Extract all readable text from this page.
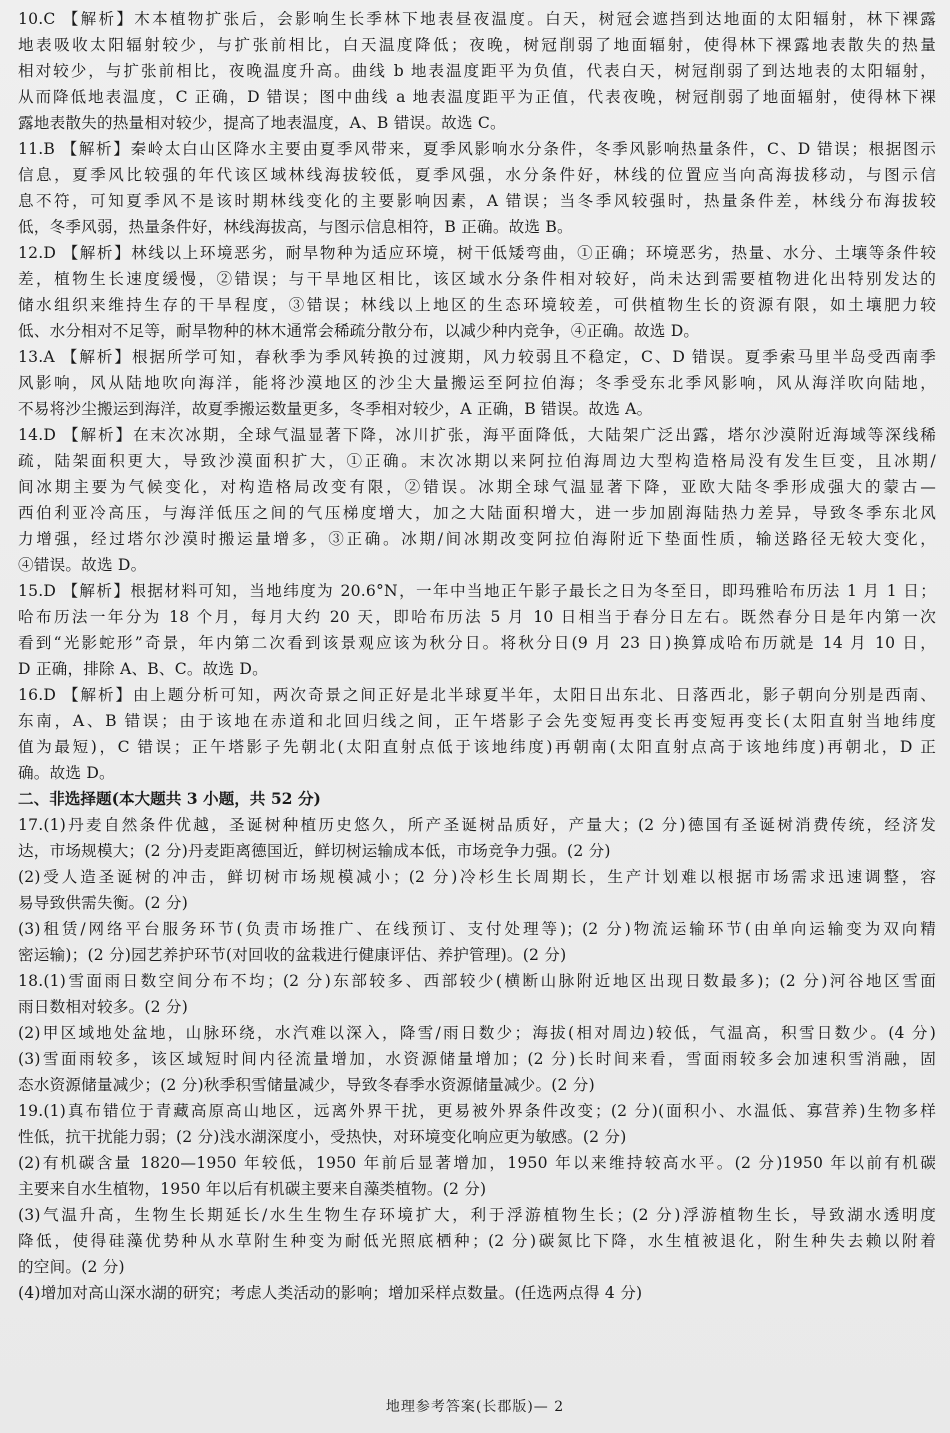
10.C 【解析】木本植物扩张后，会影响生长季林下地表昼夜温度。白天，树冠会遮挡到达地面的太阳辐射，林下裸露
地表吸收太阳辐射较少，与扩张前相比，白天温度降低；夜晚，树冠削弱了地面辐射，使得林下裸露地表散失的热量
相对较少，与扩张前相比，夜晚温度升高。曲线 b 地表温度距平为负值，代表白天，树冠削弱了到达地表的太阳辐射，
从而降低地表温度，C 正确，D 错误；图中曲线 a 地表温度距平为正值，代表夜晚，树冠削弱了地面辐射，使得林下裸
露地表散失的热量相对较少，提高了地表温度，A、B 错误。故选 C。
11.B 【解析】秦岭太白山区降水主要由夏季风带来，夏季风影响水分条件，冬季风影响热量条件，C、D 错误；根据图示
信息，夏季风比较强的年代该区域林线海拔较低，夏季风强，水分条件好，林线的位置应当向高海拔移动，与图示信
息不符，可知夏季风不是该时期林线变化的主要影响因素，A 错误；当冬季风较强时，热量条件差，林线分布海拔较
低，冬季风弱，热量条件好，林线海拔高，与图示信息相符，B 正确。故选 B。
12.D 【解析】林线以上环境恶劣，耐旱物种为适应环境，树干低矮弯曲，①正确；环境恶劣，热量、水分、土壤等条件较
差，植物生长速度缓慢，②错误；与干旱地区相比，该区域水分条件相对较好，尚未达到需要植物进化出特别发达的
储水组织来维持生存的干旱程度，③错误；林线以上地区的生态环境较差，可供植物生长的资源有限，如土壤肥力较
低、水分相对不足等，耐旱物种的林木通常会稀疏分散分布，以减少种内竞争，④正确。故选 D。
13.A 【解析】根据所学可知，春秋季为季风转换的过渡期，风力较弱且不稳定，C、D 错误。夏季索马里半岛受西南季
风影响，风从陆地吹向海洋，能将沙漠地区的沙尘大量搬运至阿拉伯海；冬季受东北季风影响，风从海洋吹向陆地，
不易将沙尘搬运到海洋，故夏季搬运数量更多，冬季相对较少，A 正确，B 错误。故选 A。
14.D 【解析】在末次冰期，全球气温显著下降，冰川扩张，海平面降低，大陆架广泛出露，塔尔沙漠附近海域等深线稀
疏，陆架面积更大，导致沙漠面积扩大，①正确。末次冰期以来阿拉伯海周边大型构造格局没有发生巨变，且冰期/
间冰期主要为气候变化，对构造格局改变有限，②错误。冰期全球气温显著下降，亚欧大陆冬季形成强大的蒙古—
西伯利亚冷高压，与海洋低压之间的气压梯度增大，加之大陆面积增大，进一步加剧海陆热力差异，导致冬季东北风
力增强，经过塔尔沙漠时搬运量增多，③正确。冰期/间冰期改变阿拉伯海附近下垫面性质，输送路径无较大变化，
④错误。故选 D。
15.D 【解析】根据材料可知，当地纬度为 20.6°N，一年中当地正午影子最长之日为冬至日，即玛雅哈布历法 1 月 1 日；
哈布历法一年分为 18 个月，每月大约 20 天，即哈布历法 5 月 10 日相当于春分日左右。既然春分日是年内第一次
看到“光影蛇形”奇景，年内第二次看到该景观应该为秋分日。将秋分日(9 月 23 日)换算成哈布历就是 14 月 10 日，
D 正确，排除 A、B、C。故选 D。
16.D 【解析】由上题分析可知，两次奇景之间正好是北半球夏半年，太阳日出东北、日落西北，影子朝向分别是西南、
东南，A、B 错误；由于该地在赤道和北回归线之间，正午塔影子会先变短再变长再变短再变长(太阳直射当地纬度
值为最短)，C 错误；正午塔影子先朝北(太阳直射点低于该地纬度)再朝南(太阳直射点高于该地纬度)再朝北，D 正
确。故选 D。
二、非选择题(本大题共 3 小题，共 52 分)
17.(1)丹麦自然条件优越，圣诞树种植历史悠久，所产圣诞树品质好，产量大；(2 分)德国有圣诞树消费传统，经济发
达，市场规模大；(2 分)丹麦距离德国近，鲜切树运输成本低，市场竞争力强。(2 分)
(2)受人造圣诞树的冲击，鲜切树市场规模减小；(2 分)冷杉生长周期长，生产计划难以根据市场需求迅速调整，容
易导致供需失衡。(2 分)
(3)租赁/网络平台服务环节(负责市场推广、在线预订、支付处理等)；(2 分)物流运输环节(由单向运输变为双向精
密运输)；(2 分)园艺养护环节(对回收的盆栽进行健康评估、养护管理)。(2 分)
18.(1)雪面雨日数空间分布不均；(2 分)东部较多、西部较少(横断山脉附近地区出现日数最多)；(2 分)河谷地区雪面
雨日数相对较多。(2 分)
(2)甲区域地处盆地，山脉环绕，水汽难以深入，降雪/雨日数少；海拔(相对周边)较低，气温高，积雪日数少。(4 分)
(3)雪面雨较多，该区域短时间内径流量增加，水资源储量增加；(2 分)长时间来看，雪面雨较多会加速积雪消融，固
态水资源储量减少；(2 分)秋季积雪储量减少，导致冬春季水资源储量减少。(2 分)
19.(1)真布错位于青藏高原高山地区，远离外界干扰，更易被外界条件改变；(2 分)(面积小、水温低、寡营养)生物多样
性低，抗干扰能力弱；(2 分)浅水湖深度小，受热快，对环境变化响应更为敏感。(2 分)
(2)有机碳含量 1820—1950 年较低，1950 年前后显著增加，1950 年以来维持较高水平。(2 分)1950 年以前有机碳
主要来自水生植物，1950 年以后有机碳主要来自藻类植物。(2 分)
(3)气温升高，生物生长期延长/水生生物生存环境扩大，利于浮游植物生长；(2 分)浮游植物生长，导致湖水透明度
降低，使得硅藻优势种从水草附生种变为耐低光照底栖种；(2 分)碳氮比下降，水生植被退化，附生种失去赖以附着
的空间。(2 分)
(4)增加对高山深水湖的研究；考虑人类活动的影响；增加采样点数量。(任选两点得 4 分)
地理参考答案(长郡版)— 2
